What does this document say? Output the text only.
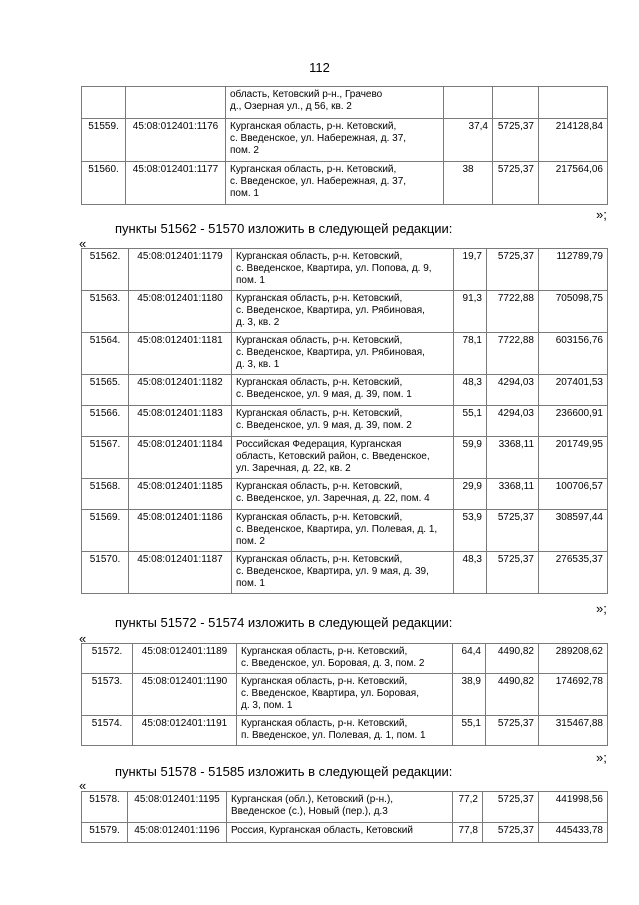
112

		область, Кетовский р-н., Грачево
д., Озерная ул., д 56, кв. 2			

51559.	45:08:012401:1176	Курганская область, р-н. Кетовский,
с. Введенское, ул. Набережная, д. 37,
пом. 2	37,4	5725,37	214128,84
51560.	45:08:012401:1177	Курганская область, р-н. Кетовский,
с. Введенское, ул. Набережная, д. 37,
пом. 1	38	5725,37	217564,06
»;
пункты 51562 - 51570 изложить в следующей редакции:
«
51562.	45:08:012401:1179	Курганская область, р-н. Кетовский,
с. Введенское, Квартира, ул. Попова, д. 9,
пом. 1	19,7	5725,37	112789,79
51563.	45:08:012401:1180	Курганская область, р-н. Кетовский,
с. Введенское, Квартира, ул. Рябиновая,
д. 3, кв. 2	91,3	7722,88	705098,75
51564.	45:08:012401:1181	Курганская область, р-н. Кетовский,
с. Введенское, Квартира, ул. Рябиновая,
д. 3, кв. 1	78,1	7722,88	603156,76
51565.	45:08:012401:1182	Курганская область, р-н. Кетовский,
с. Введенское, ул. 9 мая, д. 39, пом. 1	48,3	4294,03	207401,53
51566.	45:08:012401:1183	Курганская область, р-н. Кетовский,
с. Введенское, ул. 9 мая, д. 39, пом. 2	55,1	4294,03	236600,91
51567.	45:08:012401:1184	Российская Федерация, Курганская
область, Кетовский район, с. Введенское,
ул. Заречная, д. 22, кв. 2	59,9	3368,11	201749,95
51568.	45:08:012401:1185	Курганская область, р-н. Кетовский,
с. Введенское, ул. Заречная, д. 22, пом. 4	29,9	3368,11	100706,57
51569.	45:08:012401:1186	Курганская область, р-н. Кетовский,
с. Введенское, Квартира, ул. Полевая, д. 1,
пом. 2	53,9	5725,37	308597,44
51570.	45:08:012401:1187	Курганская область, р-н. Кетовский,
с. Введенское, Квартира, ул. 9 мая, д. 39,
пом. 1	48,3	5725,37	276535,37
»;
пункты 51572 - 51574 изложить в следующей редакции:
«
51572.	45:08:012401:1189	Курганская область, р-н. Кетовский,
с. Введенское, ул. Боровая, д. 3, пом. 2	64,4	4490,82	289208,62
51573.	45:08:012401:1190	Курганская область, р-н. Кетовский,
с. Введенское, Квартира, ул. Боровая,
д. 3, пом. 1	38,9	4490,82	174692,78
51574.	45:08:012401:1191	Курганская область, р-н. Кетовский,
п. Введенское, ул. Полевая, д. 1, пом. 1	55,1	5725,37	315467,88
»;
пункты 51578 - 51585 изложить в следующей редакции:
«
51578.	45:08:012401:1195	Курганская (обл.), Кетовский (р-н.),
Введенское (с.), Новый (пер.), д.3	77,2	5725,37	441998,56
51579.	45:08:012401:1196	Россия, Курганская область, Кетовский	77,8	5725,37	445433,78
